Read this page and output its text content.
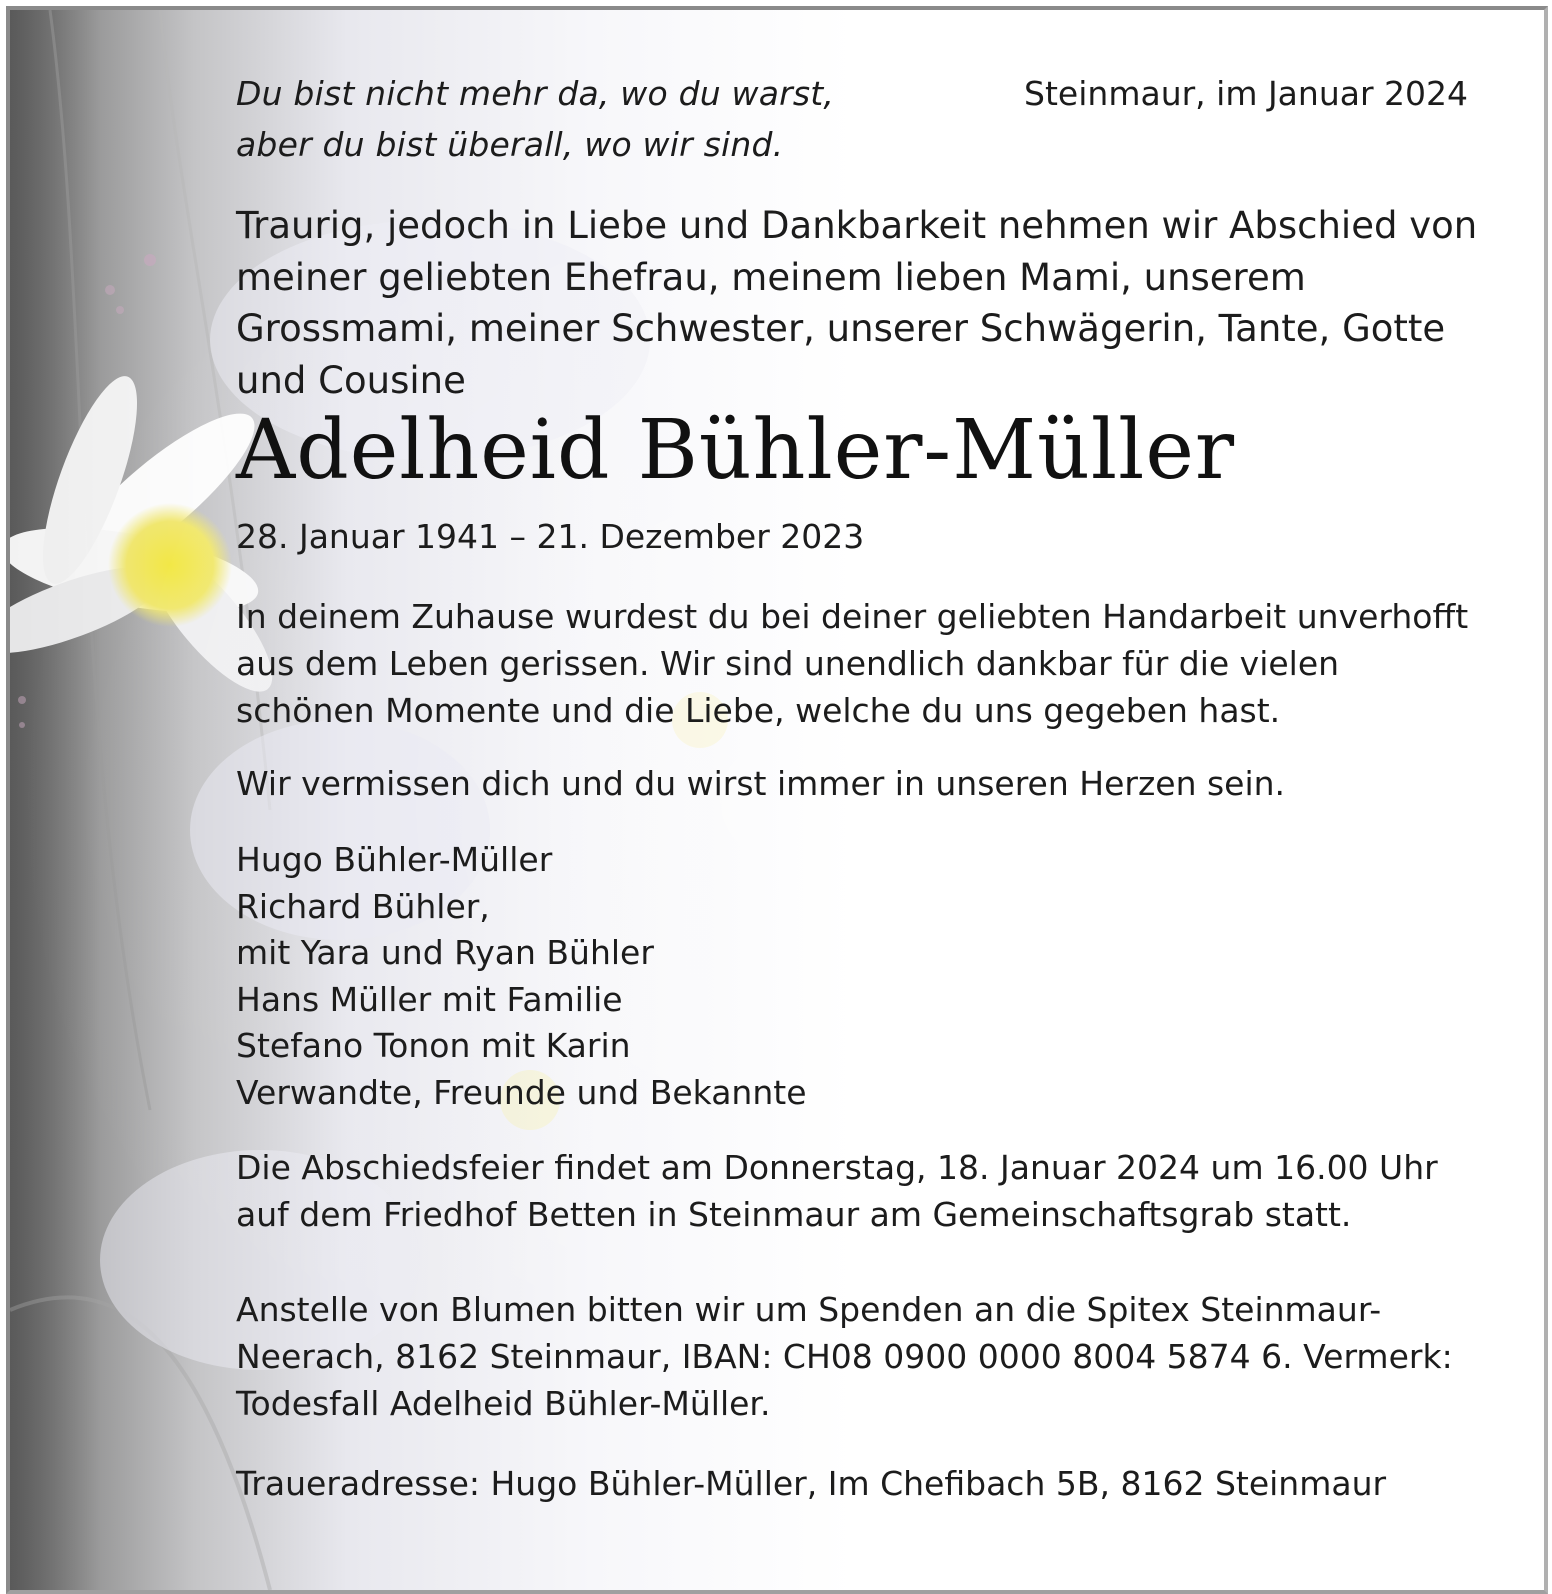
Du bist nicht mehr da, wo du warst,
aber du bist überall, wo wir sind.
Steinmaur, im Januar 2024
Traurig, jedoch in Liebe und Dankbarkeit nehmen wir Abschied von meiner geliebten Ehefrau, meinem lieben Mami, unserem Grossmami, meiner Schwester, unserer Schwägerin, Tante, Gotte und Cousine
Adelheid Bühler-Müller
28. Januar 1941 – 21. Dezember 2023
In deinem Zuhause wurdest du bei deiner geliebten Handarbeit unverhofft aus dem Leben gerissen. Wir sind unendlich dankbar für die vielen schönen Momente und die Liebe, welche du uns gegeben hast.
Wir vermissen dich und du wirst immer in unseren Herzen sein.
Hugo Bühler-Müller
Richard Bühler,
mit Yara und Ryan Bühler
Hans Müller mit Familie
Stefano Tonon mit Karin
Verwandte, Freunde und Bekannte
Die Abschiedsfeier findet am Donnerstag, 18. Januar 2024 um 16.00 Uhr auf dem Friedhof Betten in Steinmaur am Gemeinschaftsgrab statt.
Anstelle von Blumen bitten wir um Spenden an die Spitex Steinmaur-Neerach, 8162 Steinmaur, IBAN: CH08 0900 0000 8004 5874 6. Vermerk: Todesfall Adelheid Bühler-Müller.
Traueradresse: Hugo Bühler-Müller, Im Chefibach 5B, 8162 Steinmaur
